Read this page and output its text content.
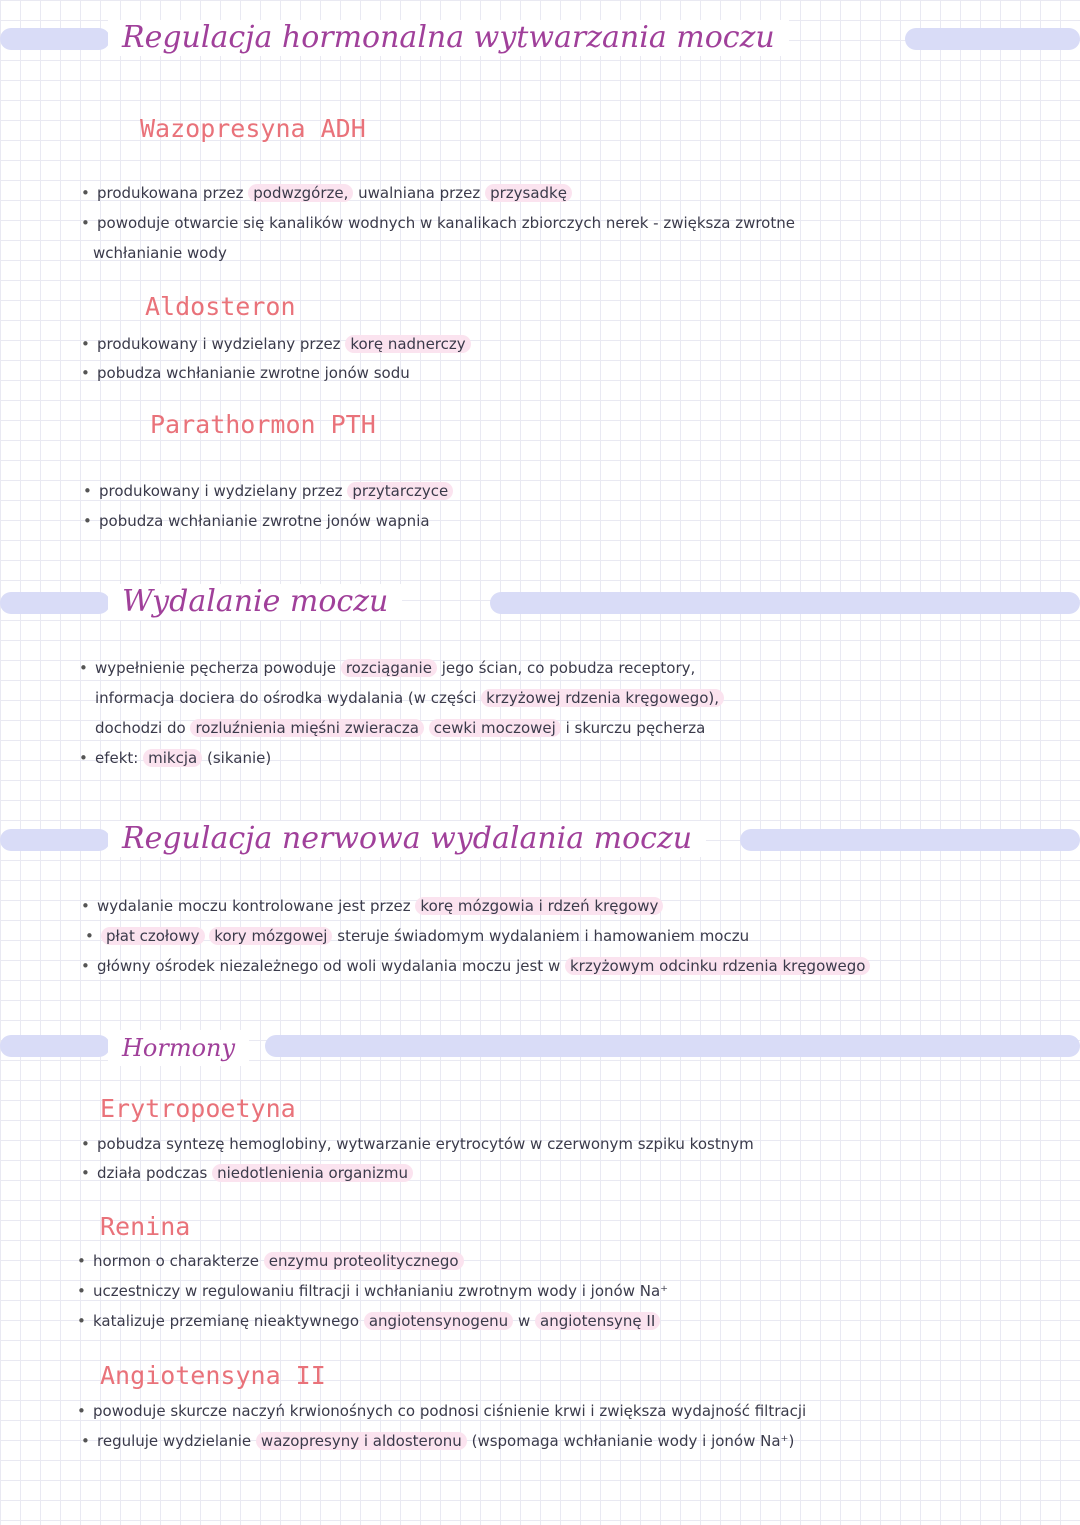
Regulacja hormonalna wytwarzania moczu
Wazopresyna ADH
• produkowana przez podwzgórze, uwalniana przez przysadkę
• powoduje otwarcie się kanalików wodnych w kanalikach zbiorczych nerek - zwiększa zwrotne
wchłanianie wody
Aldosteron
• produkowany i wydzielany przez korę nadnerczy
• pobudza wchłanianie zwrotne jonów sodu
Parathormon PTH
• produkowany i wydzielany przez przytarczyce
• pobudza wchłanianie zwrotne jonów wapnia
Wydalanie moczu
• wypełnienie pęcherza powoduje rozciąganie jego ścian, co pobudza receptory,
informacja dociera do ośrodka wydalania (w części krzyżowej rdzenia kręgowego),
dochodzi do rozluźnienia mięśni zwieracza cewki moczowej i skurczu pęcherza
• efekt: mikcja (sikanie)
Regulacja nerwowa wydalania moczu
• wydalanie moczu kontrolowane jest przez korę mózgowia i rdzeń kręgowy
• płat czołowy kory mózgowej steruje świadomym wydalaniem i hamowaniem moczu
• główny ośrodek niezależnego od woli wydalania moczu jest w krzyżowym odcinku rdzenia kręgowego
Hormony
Erytropoetyna
• pobudza syntezę hemoglobiny, wytwarzanie erytrocytów w czerwonym szpiku kostnym
• działa podczas niedotlenienia organizmu
Renina
• hormon o charakterze enzymu proteolitycznego
• uczestniczy w regulowaniu filtracji i wchłanianiu zwrotnym wody i jonów Na⁺
• katalizuje przemianę nieaktywnego angiotensynogenu w angiotensynę II
Angiotensyna II
• powoduje skurcze naczyń krwionośnych co podnosi ciśnienie krwi i zwiększa wydajność filtracji
• reguluje wydzielanie wazopresyny i aldosteronu (wspomaga wchłanianie wody i jonów Na⁺)
